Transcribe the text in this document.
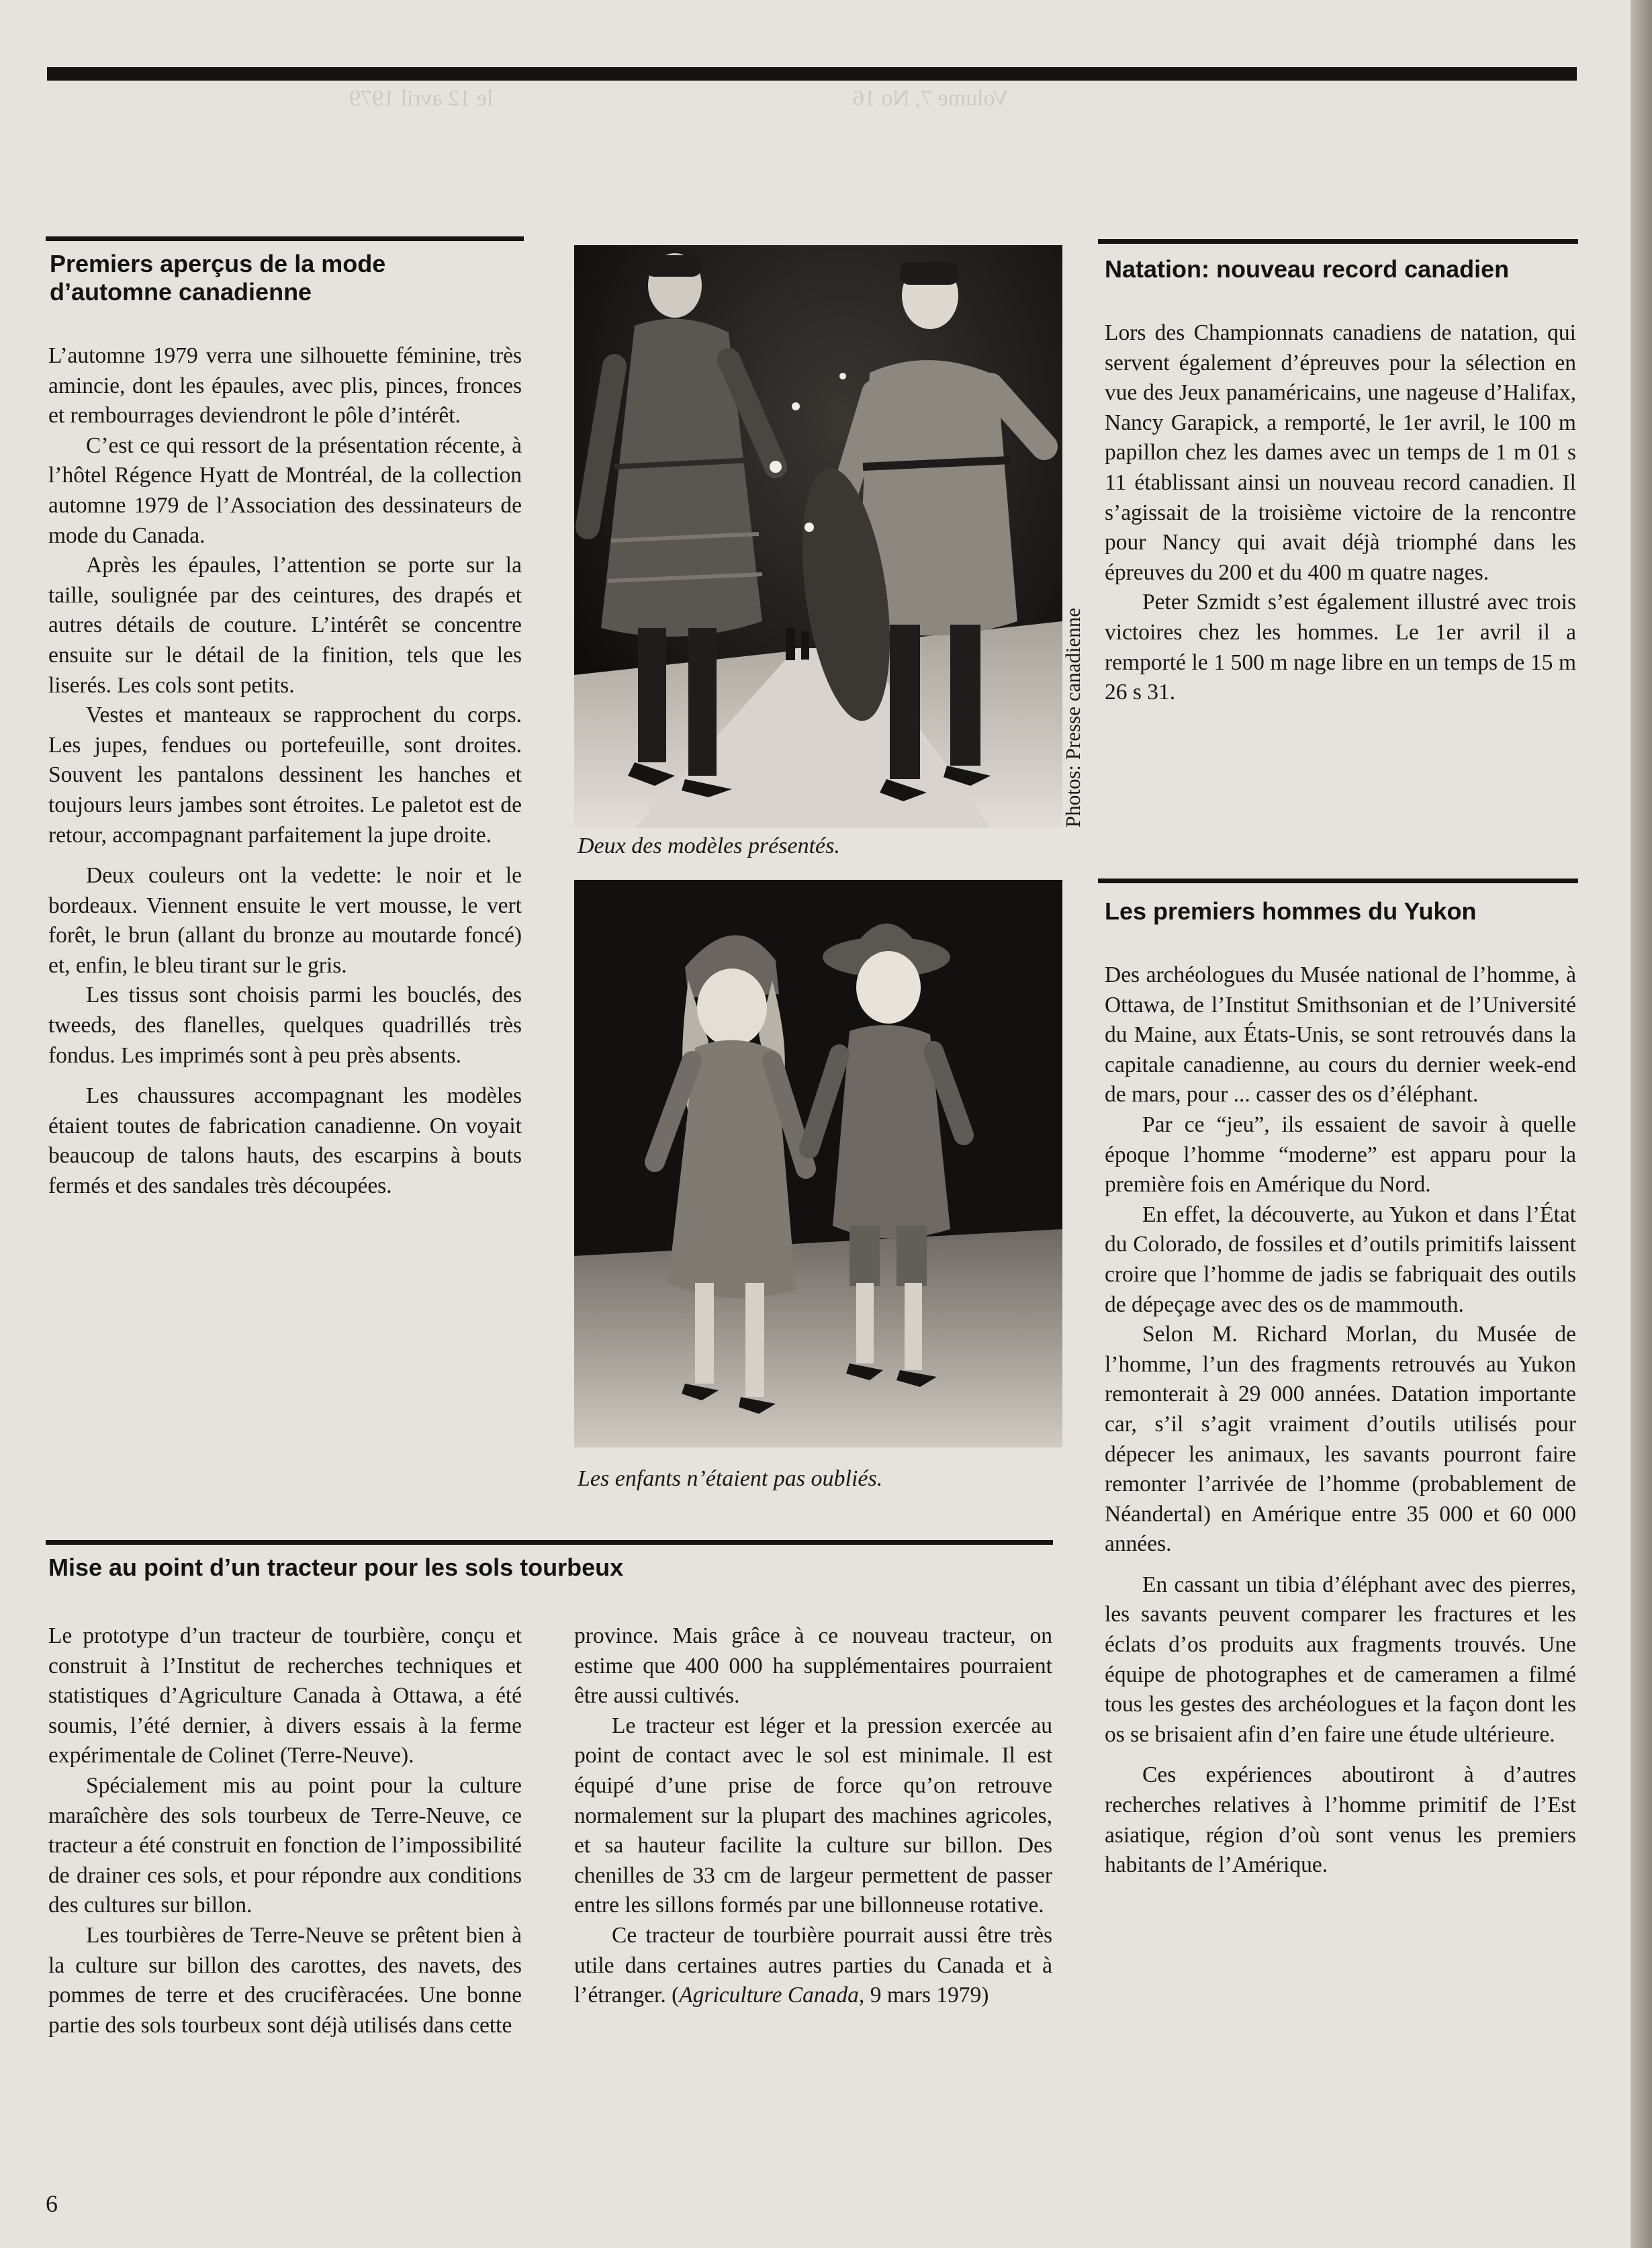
Volume 7, No 16
le 12 avril 1979
Premiers aperçus de la mode d’automne canadienne

L’automne 1979 verra une silhouette féminine, très amincie, dont les épaules, avec plis, pinces, fronces et rembourrages deviendront le pôle d’intérêt.

C’est ce qui ressort de la présentation récente, à l’hôtel Régence Hyatt de Montréal, de la collection automne 1979 de l’Association des dessinateurs de mode du Canada.

Après les épaules, l’attention se porte sur la taille, soulignée par des ceintures, des drapés et autres détails de couture. L’intérêt se concentre ensuite sur le détail de la finition, tels que les liserés. Les cols sont petits.

Vestes et manteaux se rapprochent du corps. Les jupes, fendues ou portefeuille, sont droites. Souvent les pantalons dessinent les hanches et toujours leurs jambes sont étroites. Le paletot est de retour, accompagnant parfaitement la jupe droite.

Deux couleurs ont la vedette: le noir et le bordeaux. Viennent ensuite le vert mousse, le vert forêt, le brun (allant du bronze au moutarde foncé) et, enfin, le bleu tirant sur le gris.

Les tissus sont choisis parmi les bouclés, des tweeds, des flanelles, quelques quadrillés très fondus. Les imprimés sont à peu près absents.

Les chaussures accompagnant les modèles étaient toutes de fabrication canadienne. On voyait beaucoup de talons hauts, des escarpins à bouts fermés et des sandales très découpées.

Deux des modèles présentés.
Les enfants n’étaient pas oubliés.
Photos: Presse canadienne
Natation: nouveau record canadien

Lors des Championnats canadiens de natation, qui servent également d’épreuves pour la sélection en vue des Jeux panaméricains, une nageuse d’Halifax, Nancy Garapick, a remporté, le 1er avril, le 100 m papillon chez les dames avec un temps de 1 m 01 s 11 établissant ainsi un nouveau record canadien. Il s’agissait de la troisième victoire de la rencontre pour Nancy qui avait déjà triomphé dans les épreuves du 200 et du 400 m quatre nages.

Peter Szmidt s’est également illustré avec trois victoires chez les hommes. Le 1er avril il a remporté le 1 500 m nage libre en un temps de 15 m 26 s 31.

Les premiers hommes du Yukon

Des archéologues du Musée national de l’homme, à Ottawa, de l’Institut Smithsonian et de l’Université du Maine, aux États-Unis, se sont retrouvés dans la capitale canadienne, au cours du dernier week-end de mars, pour ... casser des os d’éléphant.

Par ce “jeu”, ils essaient de savoir à quelle époque l’homme “moderne” est apparu pour la première fois en Amérique du Nord.

En effet, la découverte, au Yukon et dans l’État du Colorado, de fossiles et d’outils primitifs laissent croire que l’homme de jadis se fabriquait des outils de dépeçage avec des os de mammouth.

Selon M. Richard Morlan, du Musée de l’homme, l’un des fragments retrouvés au Yukon remonterait à 29 000 années. Datation importante car, s’il s’agit vraiment d’outils utilisés pour dépecer les animaux, les savants pourront faire remonter l’arrivée de l’homme (probablement de Néandertal) en Amérique entre 35 000 et 60 000 années.

En cassant un tibia d’éléphant avec des pierres, les savants peuvent comparer les fractures et les éclats d’os produits aux fragments trouvés. Une équipe de photographes et de cameramen a filmé tous les gestes des archéologues et la façon dont les os se brisaient afin d’en faire une étude ultérieure.

Ces expériences aboutiront à d’autres recherches relatives à l’homme primitif de l’Est asiatique, région d’où sont venus les premiers habitants de l’Amérique.

Mise au point d’un tracteur pour les sols tourbeux

Le prototype d’un tracteur de tourbière, conçu et construit à l’Institut de recherches techniques et statistiques d’Agriculture Canada à Ottawa, a été soumis, l’été dernier, à divers essais à la ferme expérimentale de Colinet (Terre-Neuve).

Spécialement mis au point pour la culture maraîchère des sols tourbeux de Terre-Neuve, ce tracteur a été construit en fonction de l’impossibilité de drainer ces sols, et pour répondre aux conditions des cultures sur billon.

Les tourbières de Terre-Neuve se prêtent bien à la culture sur billon des carottes, des navets, des pommes de terre et des crucifèracées. Une bonne partie des sols tourbeux sont déjà utilisés dans cette

province. Mais grâce à ce nouveau tracteur, on estime que 400 000 ha supplémentaires pourraient être aussi cultivés.

Le tracteur est léger et la pression exercée au point de contact avec le sol est minimale. Il est équipé d’une prise de force qu’on retrouve normalement sur la plupart des machines agricoles, et sa hauteur facilite la culture sur billon. Des chenilles de 33 cm de largeur permettent de passer entre les sillons formés par une billonneuse rotative.

Ce tracteur de tourbière pourrait aussi être très utile dans certaines autres parties du Canada et à l’étranger. (Agriculture Canada, 9 mars 1979)

6
